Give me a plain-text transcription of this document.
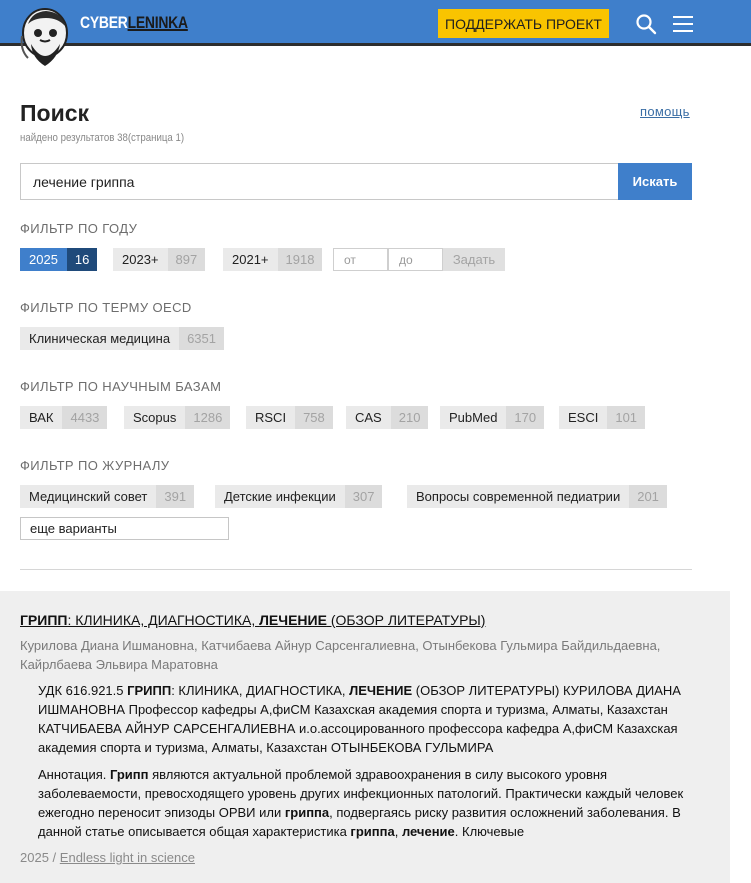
CYBERLENINKA	ПОДДЕРЖАТЬ ПРОЕКТ
Поиск	помощь
найдено результатов 38(страница 1)
лечение гриппа
Искать
ФИЛЬТР ПО ГОДУ
2025	16	2023+	897	2021+	1918
от
до	Задать
ФИЛЬТР ПО ТЕРМУ OECD
Клиническая медицина	6351
ФИЛЬТР ПО НАУЧНЫМ БАЗАМ
ВАК	4433	Scopus	1286	RSCI	758	CAS	210	PubMed	170	ESCI	101
ФИЛЬТР ПО ЖУРНАЛУ
Медицинский совет	391	Детские инфекции	307	Вопросы современной педиатрии	201
еще варианты
ГРИПП: КЛИНИКА, ДИАГНОСТИКА, ЛЕЧЕНИЕ (ОБЗОР ЛИТЕРАТУРЫ)
Курилова Диана Ишмановна, Катчибаева Айнур Сарсенгалиевна, Отынбекова Гульмира Байдильдаевна, Кайрлбаева Эльвира Маратовна

УДК 616.921.5 ГРИПП: КЛИНИКА, ДИАГНОСТИКА, ЛЕЧЕНИЕ (ОБЗОР ЛИТЕРАТУРЫ) КУРИЛОВА ДИАНА ИШМАНОВНА Профессор кафедры А,фиСМ Казахская академия спорта и туризма, Алматы, Казахстан КАТЧИБАЕВА АЙНУР САРСЕНГАЛИЕВНА и.о.ассоцированного профессора кафедра А,фиСМ Казахская академия спорта и туризма, Алматы, Казахстан ОТЫНБЕКОВА ГУЛЬМИРА

Аннотация. Грипп являются актуальной проблемой здравоохранения в силу высокого уровня заболеваемости, превосходящего уровень других инфекционных патологий. Практически каждый человек ежегодно переносит эпизоды ОРВИ или гриппа, подвергаясь риску развития осложнений заболевания. В данной статье описывается общая характеристика гриппа, лечение. Ключевые

2025 / Endless light in science
